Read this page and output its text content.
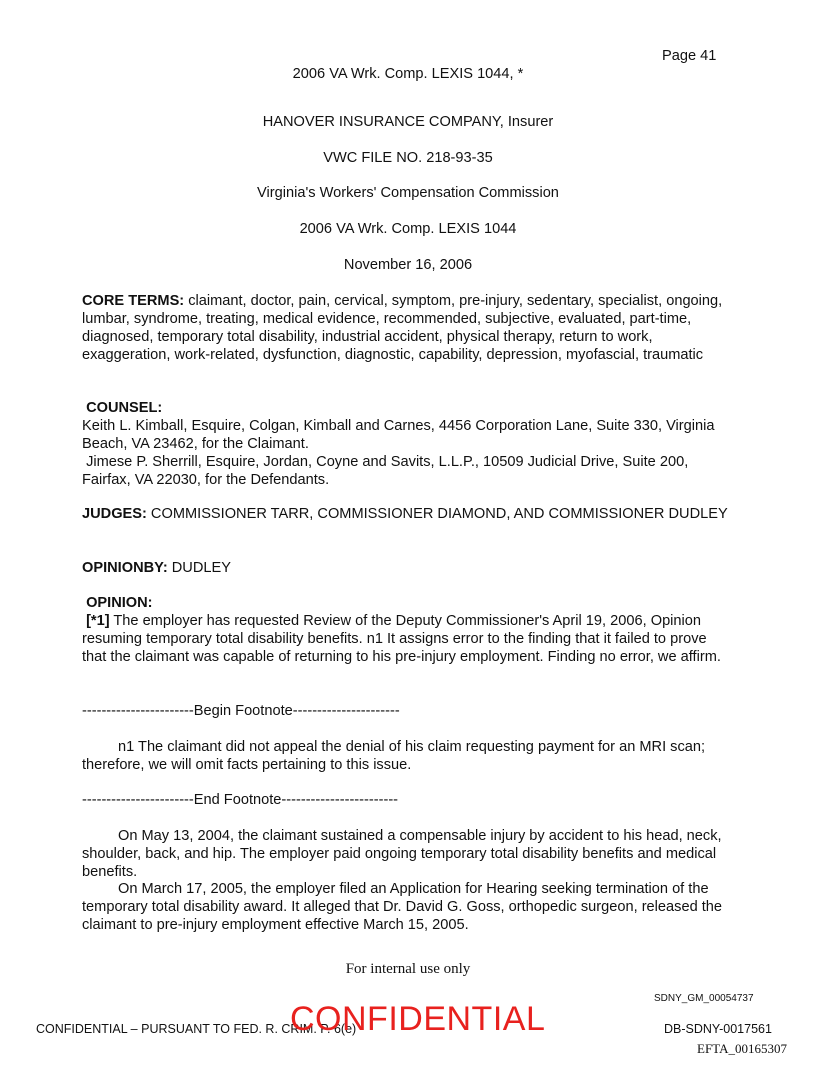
Page 41
2006 VA Wrk. Comp. LEXIS 1044, *
HANOVER INSURANCE COMPANY, Insurer
VWC FILE NO. 218-93-35
Virginia's Workers' Compensation Commission
2006 VA Wrk. Comp. LEXIS 1044
November 16, 2006

CORE TERMS: claimant, doctor, pain, cervical, symptom, pre-injury, sedentary, specialist, ongoing, lumbar, syndrome, treating, medical evidence, recommended, subjective, evaluated, part-time, diagnosed, temporary total disability, industrial accident, physical therapy, return to work, exaggeration, work-related, dysfunction, diagnostic, capability, depression, myofascial, traumatic

COUNSEL:

Keith L. Kimball, Esquire, Colgan, Kimball and Carnes, 4456 Corporation Lane, Suite 330, Virginia Beach, VA 23462, for the Claimant.

Jimese P. Sherrill, Esquire, Jordan, Coyne and Savits, L.L.P., 10509 Judicial Drive, Suite 200, Fairfax, VA 22030, for the Defendants.

JUDGES: COMMISSIONER TARR, COMMISSIONER DIAMOND, AND COMMISSIONER DUDLEY

OPINIONBY: DUDLEY

OPINION:

[*1] The employer has requested Review of the Deputy Commissioner's April 19, 2006, Opinion resuming temporary total disability benefits. n1 It assigns error to the finding that it failed to prove that the claimant was capable of returning to his pre-injury employment. Finding no error, we affirm.

-----------------------Begin Footnote----------------------

n1 The claimant did not appeal the denial of his claim requesting payment for an MRI scan; therefore, we will omit facts pertaining to this issue.

-----------------------End Footnote------------------------

On May 13, 2004, the claimant sustained a compensable injury by accident to his head, neck, shoulder, back, and hip. The employer paid ongoing temporary total disability benefits and medical benefits.

On March 17, 2005, the employer filed an Application for Hearing seeking termination of the temporary total disability award. It alleged that Dr. David G. Goss, orthopedic surgeon, released the claimant to pre-injury employment effective March 15, 2005.

For internal use only
SDNY_GM_00054737
CONFIDENTIAL – PURSUANT TO FED. R. CRIM. P. 6(e)
CONFIDENTIAL	DB-SDNY-0017561
EFTA_00165307
